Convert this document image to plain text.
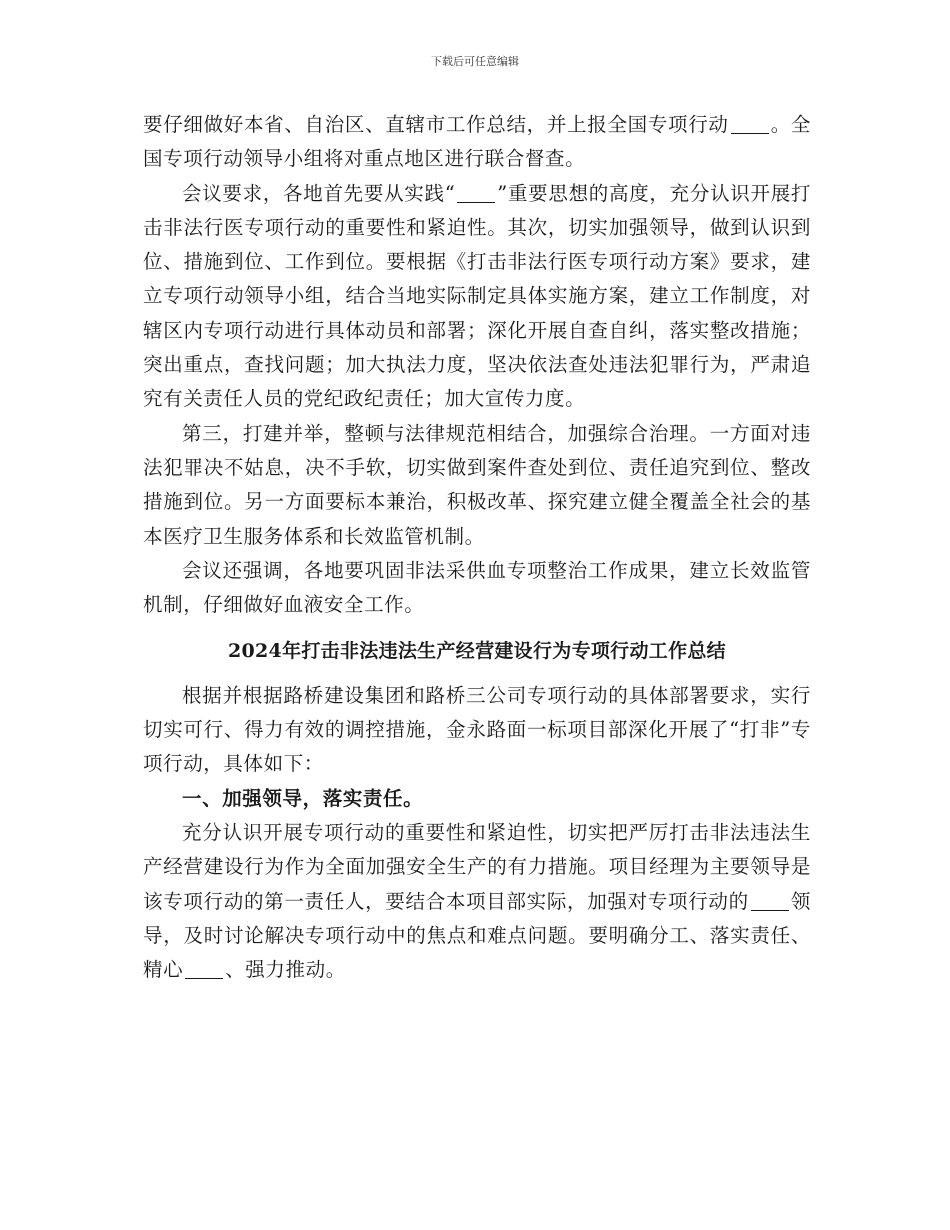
下载后可任意编辑

要仔细做好本省、自治区、直辖市工作总结，并上报全国专项行动 。全国专项行动领导小组将对重点地区进行联合督查。

会议要求，各地首先要从实践“ ”重要思想的高度，充分认识开展打击非法行医专项行动的重要性和紧迫性。其次，切实加强领导，做到认识到位、措施到位、工作到位。要根据《打击非法行医专项行动方案》要求，建立专项行动领导小组，结合当地实际制定具体实施方案，建立工作制度，对辖区内专项行动进行具体动员和部署；深化开展自查自纠，落实整改措施；突出重点，查找问题；加大执法力度，坚决依法查处违法犯罪行为，严肃追究有关责任人员的党纪政纪责任；加大宣传力度。

第三，打建并举，整顿与法律规范相结合，加强综合治理。一方面对违法犯罪决不姑息，决不手软，切实做到案件查处到位、责任追究到位、整改措施到位。另一方面要标本兼治，积极改革、探究建立健全覆盖全社会的基本医疗卫生服务体系和长效监管机制。

会议还强调，各地要巩固非法采供血专项整治工作成果，建立长效监管机制，仔细做好血液安全工作。

2024年打击非法违法生产经营建设行为专项行动工作总结

根据并根据路桥建设集团和路桥三公司专项行动的具体部署要求，实行切实可行、得力有效的调控措施，金永路面一标项目部深化开展了“打非”专项行动，具体如下：

一、加强领导，落实责任。

充分认识开展专项行动的重要性和紧迫性，切实把严厉打击非法违法生产经营建设行为作为全面加强安全生产的有力措施。项目经理为主要领导是该专项行动的第一责任人，要结合本项目部实际，加强对专项行动的 领导，及时讨论解决专项行动中的焦点和难点问题。要明确分工、落实责任、精心 、强力推动。
